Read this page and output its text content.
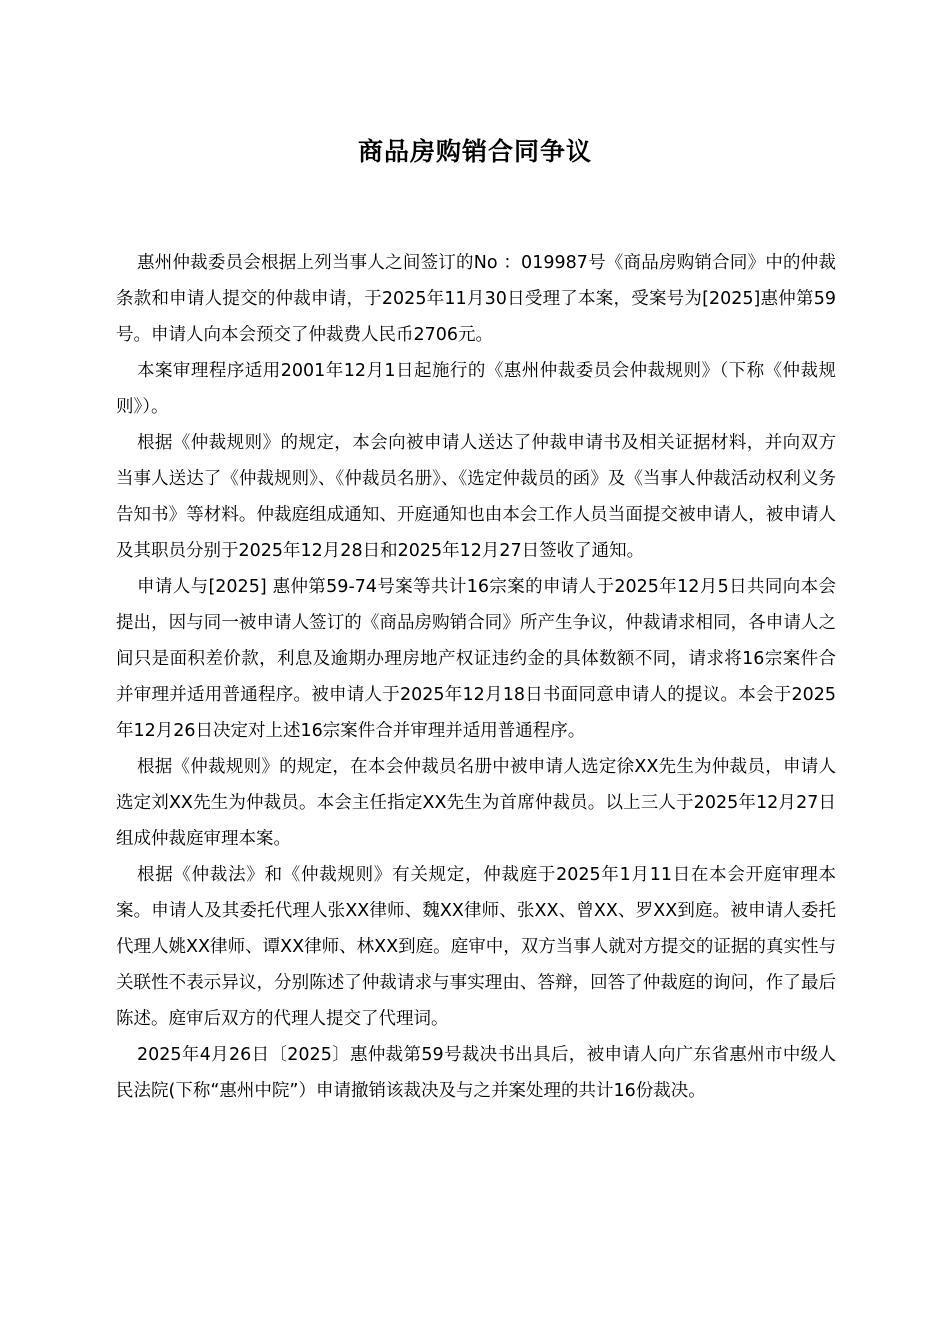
商品房购销合同争议

惠州仲裁委员会根据上列当事人之间签订的No ：019987号《商品房购销合同》中的仲裁条款和申请人提交的仲裁申请，于2025年11月30日受理了本案，受案号为[2025]惠仲第59号。申请人向本会预交了仲裁费人民币2706元。

本案审理程序适用2001年12月1日起施行的《惠州仲裁委员会仲裁规则》（下称《仲裁规则》）。

根据《仲裁规则》的规定，本会向被申请人送达了仲裁申请书及相关证据材料，并向双方当事人送达了《仲裁规则》、《仲裁员名册》、《选定仲裁员的函》及《当事人仲裁活动权利义务告知书》等材料。仲裁庭组成通知、开庭通知也由本会工作人员当面提交被申请人，被申请人及其职员分别于2025年12月28日和2025年12月27日签收了通知。

申请人与[2025] 惠仲第59-74号案等共计16宗案的申请人于2025年12月5日共同向本会提出，因与同一被申请人签订的《商品房购销合同》所产生争议，仲裁请求相同，各申请人之间只是面积差价款，利息及逾期办理房地产权证违约金的具体数额不同，请求将16宗案件合并审理并适用普通程序。被申请人于2025年12月18日书面同意申请人的提议。本会于2025年12月26日决定对上述16宗案件合并审理并适用普通程序。

根据《仲裁规则》的规定，在本会仲裁员名册中被申请人选定徐XX先生为仲裁员，申请人选定刘XX先生为仲裁员。本会主任指定XX先生为首席仲裁员。以上三人于2025年12月27日组成仲裁庭审理本案。

根据《仲裁法》和《仲裁规则》有关规定，仲裁庭于2025年1月11日在本会开庭审理本案。申请人及其委托代理人张XX律师、魏XX律师、张XX、曾XX、罗XX到庭。被申请人委托代理人姚XX律师、谭XX律师、林XX到庭。庭审中，双方当事人就对方提交的证据的真实性与关联性不表示异议，分别陈述了仲裁请求与事实理由、答辩，回答了仲裁庭的询问，作了最后陈述。庭审后双方的代理人提交了代理词。

2025年4月26日〔2025〕惠仲裁第59号裁决书出具后，被申请人向广东省惠州市中级人民法院(下称“惠州中院”）申请撤销该裁决及与之并案处理的共计16份裁决。
